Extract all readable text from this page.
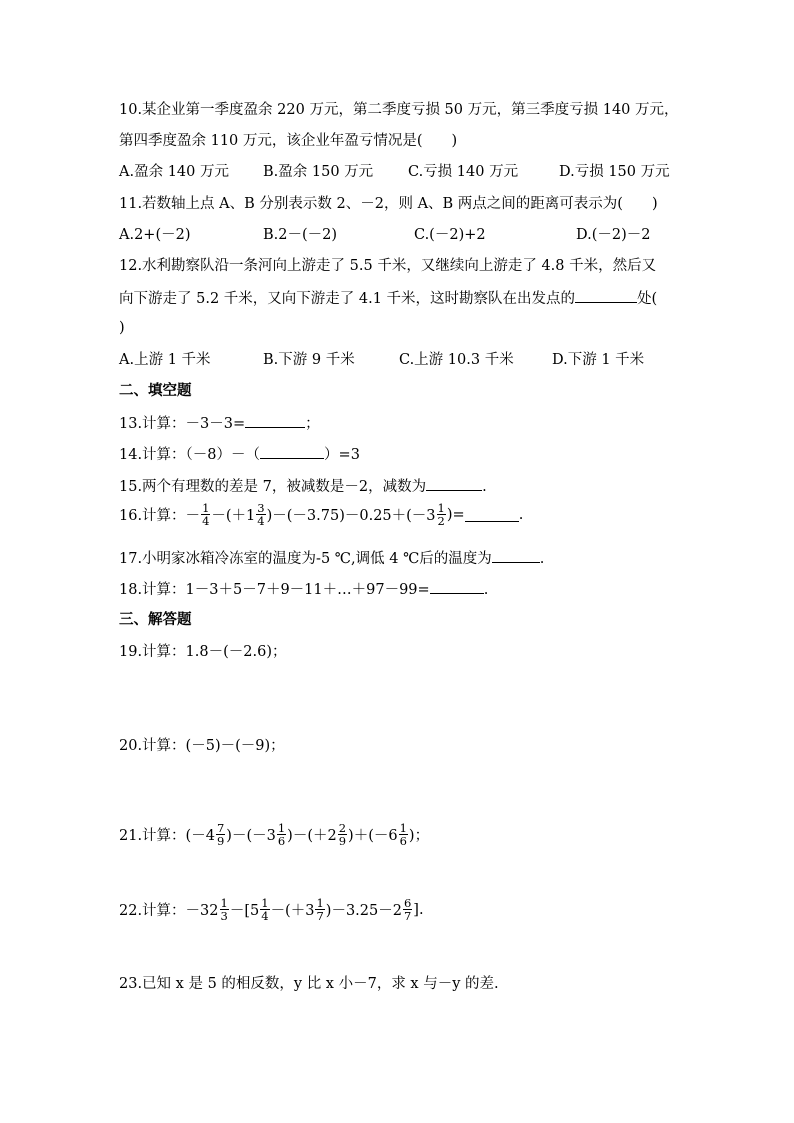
10.某企业第一季度盈余 220 万元，第二季度亏损 50 万元，第三季度亏损 140 万元，
第四季度盈余 110 万元，该企业年盈亏情况是(　　)
A.盈余 140 万元 B.盈余 150 万元 C.亏损 140 万元	D.亏损 150 万元
11.若数轴上点 A、B 分别表示数 2、－2，则 A、B 两点之间的距离可表示为(　　)
A.2+(－2)	B.2－(－2)	C.(－2)+2	D.(－2)－2
12.水利勘察队沿一条河向上游走了 5.5 千米，又继续向上游走了 4.8 千米，然后又
向下游走了 5.2 千米，又向下游走了 4.1 千米，这时勘察队在出发点的	处(
)
A.上游 1 千米	B.下游 9 千米	C.上游 10.3 千米	D.下游 1 千米
二、填空题
13.计算：－3－3=	；
14.计算：（－8）－（	）=3
15.两个有理数的差是 7，被减数是－2，减数为	.
16.计算：－ $\frac{1}{4} -(+1 \frac{3}{4} )-(-3.75)-0.25+(-3 \frac{1}{2}$ )=	.
17.小明家冰箱冷冻室的温度为-5 ℃,调低 4 ℃后的温度为	.
18.计算：1－3＋5－7＋9－11＋…＋97－99=	.
三、解答题
19.计算：1.8－(－2.6)；
20.计算：(－5)－(－9)；
21.计算：$(-4 \frac{7}{9} )-(-3 \frac{1}{6} )-(+2 \frac{2}{9} )+(-6 \frac{1}{6}$ )；
22.计算：$-32 \frac{1}{3} -[5 \frac{1}{4} -(+3 \frac{1}{7} )-3.25-2 \frac{6}{7}$ ].
23.已知 x 是 5 的相反数，y 比 x 小－7，求 x 与－y 的差.
